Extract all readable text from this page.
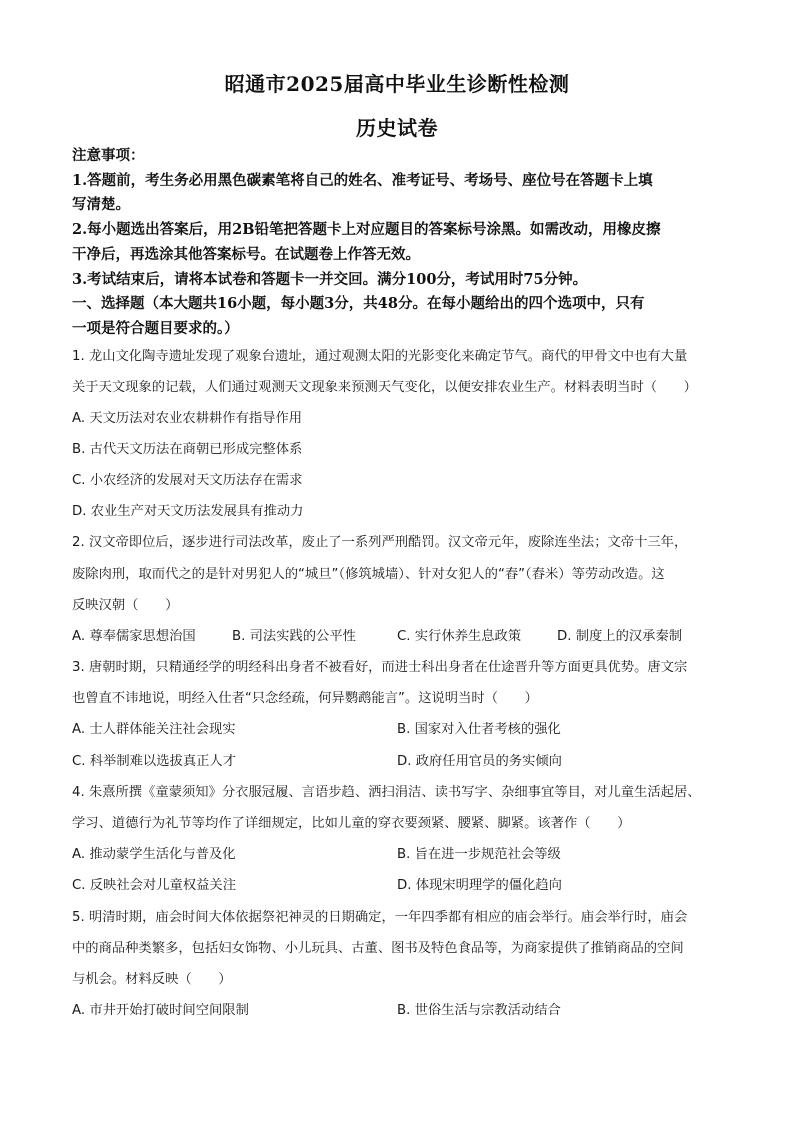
昭通市2025届高中毕业生诊断性检测
历史试卷
注意事项：
1.答题前，考生务必用黑色碳素笔将自己的姓名、准考证号、考场号、座位号在答题卡上填
写清楚。
2.每小题选出答案后，用2B铅笔把答题卡上对应题目的答案标号涂黑。如需改动，用橡皮擦
干净后，再选涂其他答案标号。在试题卷上作答无效。
3.考试结束后，请将本试卷和答题卡一并交回。满分100分，考试用时75分钟。
一、选择题（本大题共16小题，每小题3分，共48分。在每小题给出的四个选项中，只有
一项是符合题目要求的。）
1. 龙山文化陶寺遗址发现了观象台遗址，通过观测太阳的光影变化来确定节气。商代的甲骨文中也有大量
关于天文现象的记载，人们通过观测天文现象来预测天气变化，以便安排农业生产。材料表明当时（　　）
A. 天文历法对农业农耕耕作有指导作用
B. 古代天文历法在商朝已形成完整体系
C. 小农经济的发展对天文历法存在需求
D. 农业生产对天文历法发展具有推动力
2. 汉文帝即位后，逐步进行司法改革，废止了一系列严刑酷罚。汉文帝元年，废除连坐法；文帝十三年，
废除肉刑，取而代之的是针对男犯人的“城旦”（修筑城墙）、针对女犯人的“舂”（舂米）等劳动改造。这
反映汉朝（　　）
A. 尊奉儒家思想治国	B. 司法实践的公平性	C. 实行休养生息政策	D. 制度上的汉承秦制
3. 唐朝时期，只精通经学的明经科出身者不被看好，而进士科出身者在仕途晋升等方面更具优势。唐文宗
也曾直不讳地说，明经入仕者“只念经疏，何异鹦鹉能言”。这说明当时（　　）
A. 士人群体能关注社会现实	B. 国家对入仕者考核的强化
C. 科举制难以选拔真正人才	D. 政府任用官员的务实倾向
4. 朱熹所撰《童蒙须知》分衣服冠履、言语步趋、洒扫涓洁、读书写字、杂细事宜等目，对儿童生活起居、
学习、道德行为礼节等均作了详细规定，比如儿童的穿衣要颈紧、腰紧、脚紧。该著作（　　）
A. 推动蒙学生活化与普及化	B. 旨在进一步规范社会等级
C. 反映社会对儿童权益关注	D. 体现宋明理学的僵化趋向
5. 明清时期，庙会时间大体依据祭祀神灵的日期确定，一年四季都有相应的庙会举行。庙会举行时，庙会
中的商品种类繁多，包括妇女饰物、小儿玩具、古董、图书及特色食品等，为商家提供了推销商品的空间
与机会。材料反映（　　）
A. 市井开始打破时间空间限制	B. 世俗生活与宗教活动结合
